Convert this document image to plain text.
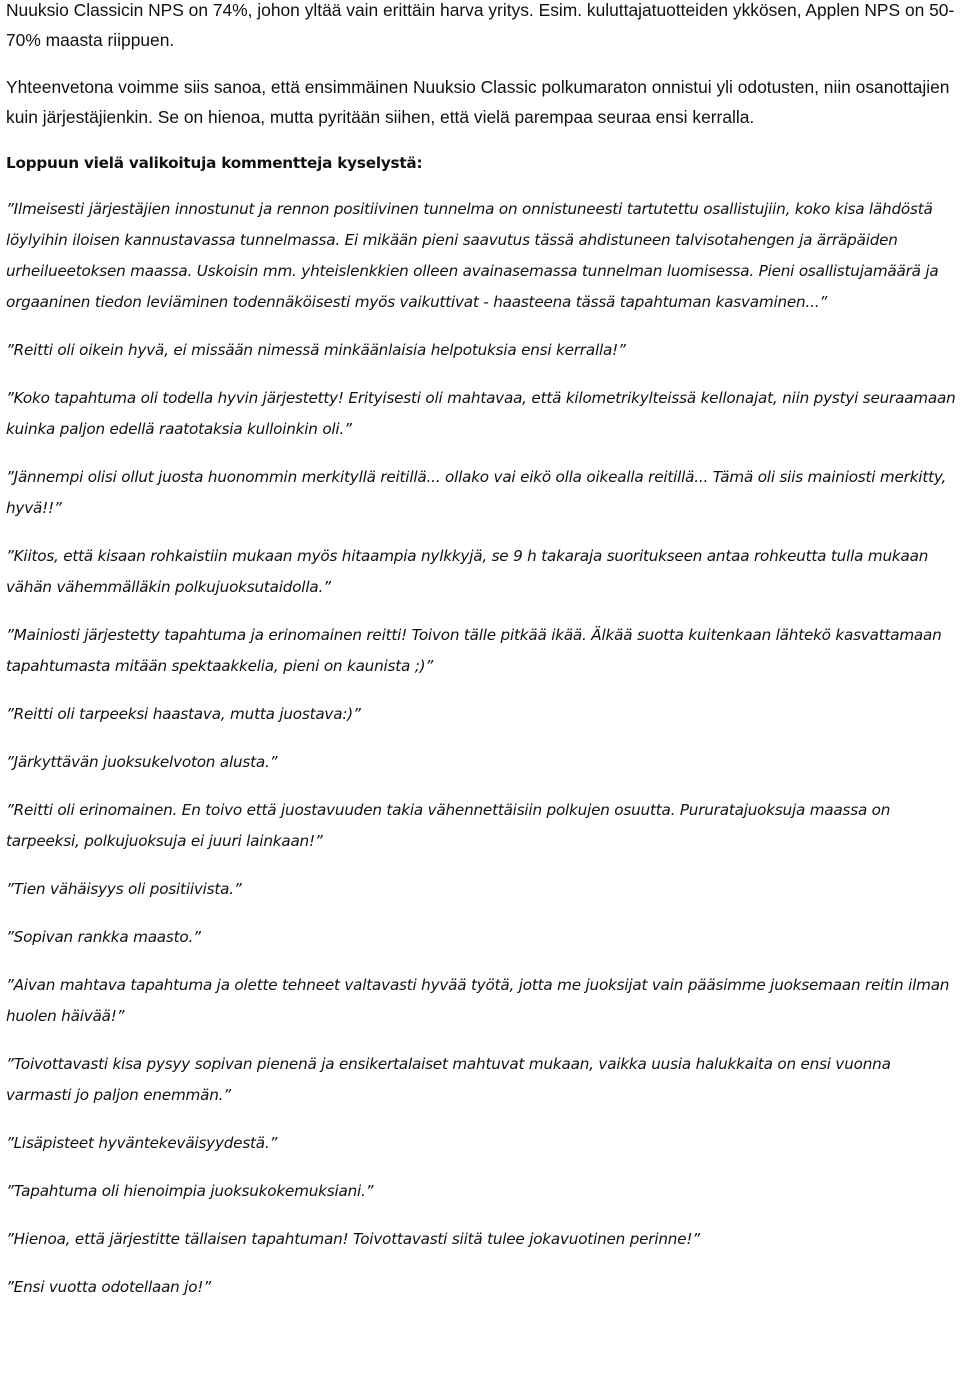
Nuuksio Classicin NPS on 74%, johon yltää vain erittäin harva yritys. Esim. kuluttajatuotteiden ykkösen, Applen NPS on 50-70% maasta riippuen.

Yhteenvetona voimme siis sanoa, että ensimmäinen Nuuksio Classic polkumaraton onnistui yli odotusten, niin osanottajien kuin järjestäjienkin. Se on hienoa, mutta pyritään siihen, että vielä parempaa seuraa ensi kerralla.

Loppuun vielä valikoituja kommentteja kyselystä:

”Ilmeisesti järjestäjien innostunut ja rennon positiivinen tunnelma on onnistuneesti tartutettu osallistujiin, koko kisa lähdöstä löylyihin iloisen kannustavassa tunnelmassa. Ei mikään pieni saavutus tässä ahdistuneen talvisotahengen ja ärräpäiden urheilueetoksen maassa. Uskoisin mm. yhteislenkkien olleen avainasemassa tunnelman luomisessa. Pieni osallistujamäärä ja orgaaninen tiedon leviäminen todennäköisesti myös vaikuttivat - haasteena tässä tapahtuman kasvaminen...”

”Reitti oli oikein hyvä, ei missään nimessä minkäänlaisia helpotuksia ensi kerralla!”

”Koko tapahtuma oli todella hyvin järjestetty! Erityisesti oli mahtavaa, että kilometrikylteissä kellonajat, niin pystyi seuraamaan kuinka paljon edellä raatotaksia kulloinkin oli.”

”Jännempi olisi ollut juosta huonommin merkityllä reitillä... ollako vai eikö olla oikealla reitillä... Tämä oli siis mainiosti merkitty, hyvä!!”

”Kiitos, että kisaan rohkaistiin mukaan myös hitaampia nylkkyjä, se 9 h takaraja suoritukseen antaa rohkeutta tulla mukaan vähän vähemmälläkin polkujuoksutaidolla.”

”Mainiosti järjestetty tapahtuma ja erinomainen reitti! Toivon tälle pitkää ikää. Älkää suotta kuitenkaan lähtekö kasvattamaan tapahtumasta mitään spektaakkelia, pieni on kaunista ;)”

”Reitti oli tarpeeksi haastava, mutta juostava:)”

”Järkyttävän juoksukelvoton alusta.”

”Reitti oli erinomainen. En toivo että juostavuuden takia vähennettäisiin polkujen osuutta. Pururatajuoksuja maassa on tarpeeksi, polkujuoksuja ei juuri lainkaan!”

”Tien vähäisyys oli positiivista.”

”Sopivan rankka maasto.”

”Aivan mahtava tapahtuma ja olette tehneet valtavasti hyvää työtä, jotta me juoksijat vain pääsimme juoksemaan reitin ilman huolen häivää!”

”Toivottavasti kisa pysyy sopivan pienenä ja ensikertalaiset mahtuvat mukaan, vaikka uusia halukkaita on ensi vuonna varmasti jo paljon enemmän.”

”Lisäpisteet hyväntekeväisyydestä.”

”Tapahtuma oli hienoimpia juoksukokemuksiani.”

”Hienoa, että järjestitte tällaisen tapahtuman! Toivottavasti siitä tulee jokavuotinen perinne!”

”Ensi vuotta odotellaan jo!”
